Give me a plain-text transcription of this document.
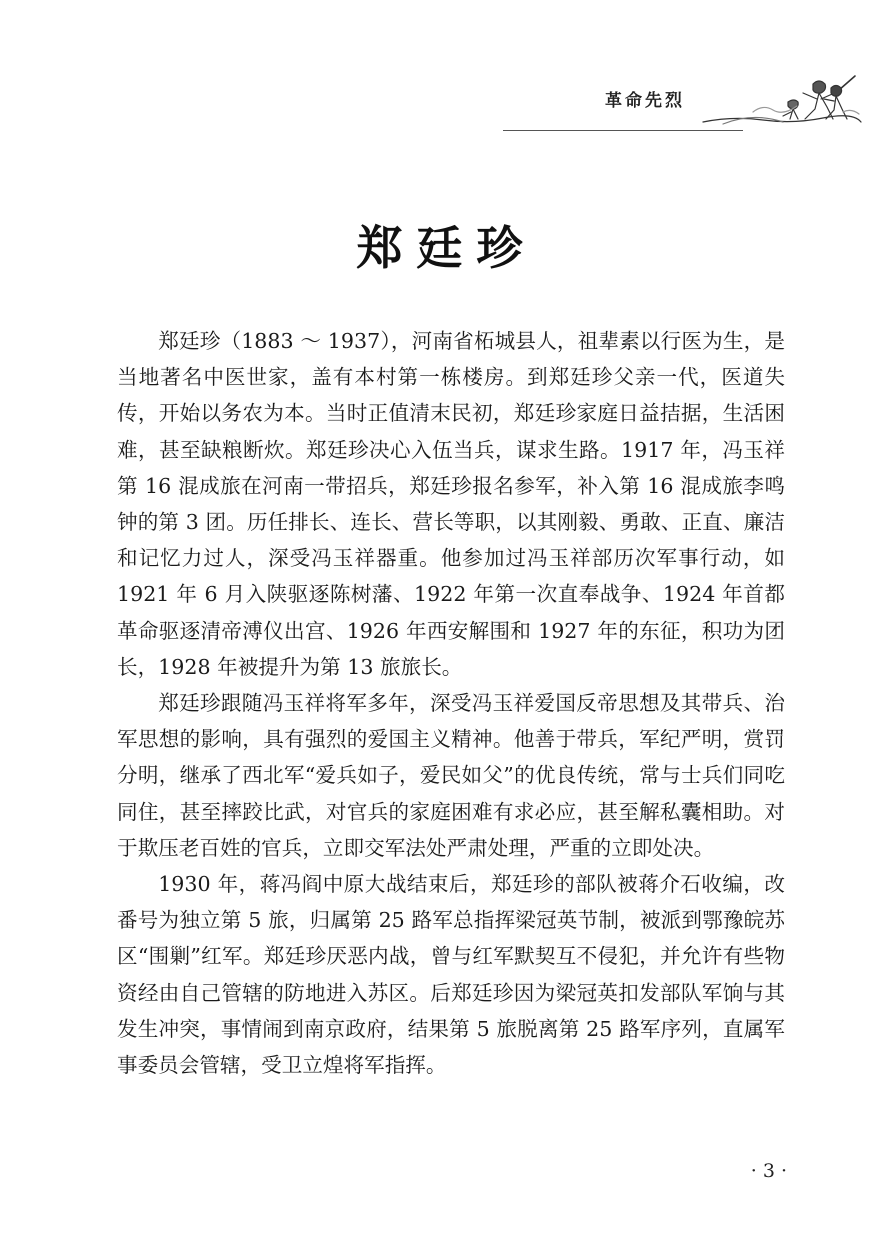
革命先烈
郑廷珍

郑廷珍（1883 ～ 1937），河南省柘城县人，祖辈素以行医为生，是当地著名中医世家，盖有本村第一栋楼房。到郑廷珍父亲一代，医道失传，开始以务农为本。当时正值清末民初，郑廷珍家庭日益拮据，生活困难，甚至缺粮断炊。郑廷珍决心入伍当兵，谋求生路。1917 年，冯玉祥第 16 混成旅在河南一带招兵，郑廷珍报名参军，补入第 16 混成旅李鸣钟的第 3 团。历任排长、连长、营长等职，以其刚毅、勇敢、正直、廉洁和记忆力过人，深受冯玉祥器重。他参加过冯玉祥部历次军事行动，如 1921 年 6 月入陕驱逐陈树藩、1922 年第一次直奉战争、1924 年首都革命驱逐清帝溥仪出宫、1926 年西安解围和 1927 年的东征，积功为团长，1928 年被提升为第 13 旅旅长。

郑廷珍跟随冯玉祥将军多年，深受冯玉祥爱国反帝思想及其带兵、治军思想的影响，具有强烈的爱国主义精神。他善于带兵，军纪严明，赏罚分明，继承了西北军“爱兵如子，爱民如父”的优良传统，常与士兵们同吃同住，甚至摔跤比武，对官兵的家庭困难有求必应，甚至解私囊相助。对于欺压老百姓的官兵，立即交军法处严肃处理，严重的立即处决。

1930 年，蒋冯阎中原大战结束后，郑廷珍的部队被蒋介石收编，改番号为独立第 5 旅，归属第 25 路军总指挥梁冠英节制，被派到鄂豫皖苏区“围剿”红军。郑廷珍厌恶内战，曾与红军默契互不侵犯，并允许有些物资经由自己管辖的防地进入苏区。后郑廷珍因为梁冠英扣发部队军饷与其发生冲突，事情闹到南京政府，结果第 5 旅脱离第 25 路军序列，直属军事委员会管辖，受卫立煌将军指挥。

· 3 ·
